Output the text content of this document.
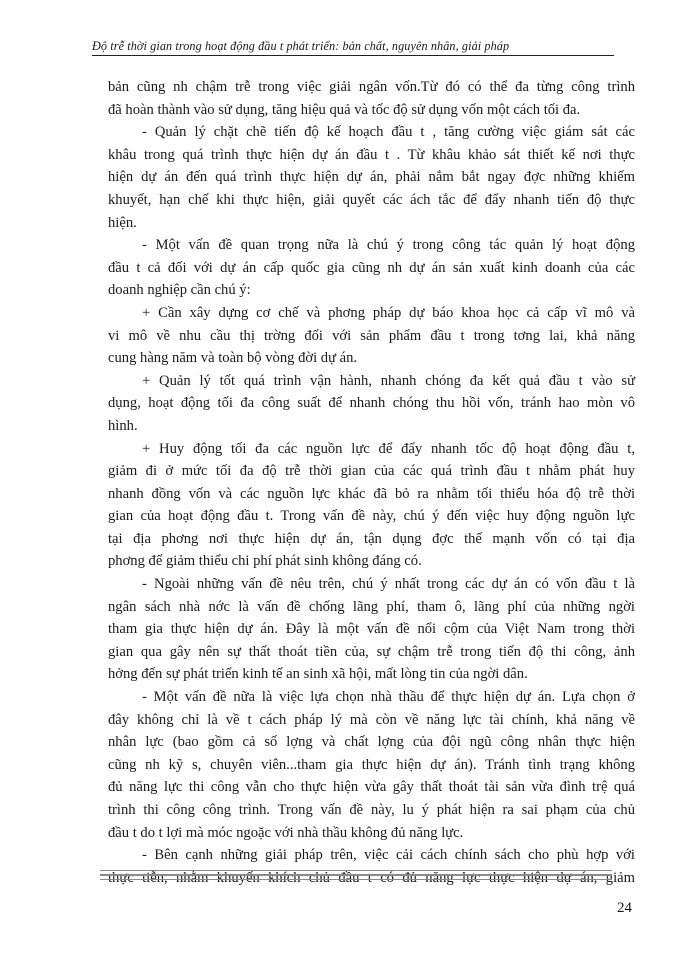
Độ trễ thời gian trong hoạt động đầu t phát triển: bản chất, nguyên nhân, giải pháp
bản cũng nh chậm trễ trong việc giải ngân vốn.Từ đó có thể đa từng công trình
đã hoàn thành vào sử dụng, tăng hiệu quả và tốc độ sử dụng vốn một cách tối đa.
- Quản lý chặt chẽ tiến độ kế hoạch đầu t , tăng cường việc giám sát các
khâu trong quá trình thực hiện dự án đầu t . Từ khâu khảo sát thiết kế nơi thực
hiện dự án đến quá trình thực hiện dự án, phải nắm bắt ngay đợc những khiếm
khuyết, hạn chế khi thực hiện, giải quyết các ách tắc để đẩy nhanh tiến độ thực
hiện.
- Một vấn đề quan trọng nữa là chú ý trong công tác quản lý hoạt động
đầu t cả đối với dự án cấp quốc gia cũng nh dự án sản xuất kinh doanh của các
doanh nghiệp cần chú ý:
+ Cần xây dựng cơ chế và phơng pháp dự báo khoa học cả cấp vĩ mô và
vi mô về nhu cầu thị trờng đối với sản phẩm đầu t trong tơng lai, khả năng
cung hàng năm và toàn bộ vòng đời dự án.
+ Quản lý tốt quá trình vận hành, nhanh chóng đa kết quả đầu t vào sử
dụng, hoạt động tối đa công suất để nhanh chóng thu hồi vốn, tránh hao mòn vô
hình.
+ Huy động tối đa các nguồn lực để đẩy nhanh tốc độ hoạt động đầu t,
giảm đi ở mức tối đa độ trễ thời gian của các quá trình đầu t nhằm phát huy
nhanh đồng vốn và các nguồn lực khác đã bỏ ra nhằm tối thiểu hóa độ trễ thời
gian của hoạt động đầu t. Trong vấn đề này, chú ý đến việc huy động nguồn lực
tại địa phơng nơi thực hiện dự án, tận dụng đợc thế mạnh vốn có tại địa
phơng để giảm thiểu chi phí phát sinh không đáng có.
- Ngoài những vấn đề nêu trên, chú ý nhất trong các dự án có vốn đầu t là
ngân sách nhà nớc là vấn đề chống lãng phí, tham ô, lãng phí của những ngời
tham gia thực hiện dự án. Đây là một vấn đề nổi cộm của Việt Nam trong thời
gian qua gây nên sự thất thoát tiền của, sự chậm trễ trong tiến độ thi công, ảnh
hởng đến sự phát triển kinh tế an sinh xã hội, mất lòng tin của ngời dân.
- Một vấn đề nữa là việc lựa chọn nhà thầu để thực hiện dự án. Lựa chọn ở
đây không chỉ là về t cách pháp lý mà còn về năng lực tài chính, khả năng về
nhân lực (bao gồm cả số lợng và chất lợng của đội ngũ công nhân thực hiện
cũng nh kỹ s, chuyên viên...tham gia thực hiện dự án). Tránh tình trạng không
đủ năng lực thi công vẫn cho thực hiện vừa gây thất thoát tài sản vừa đình trệ quá
trình thi công công trình. Trong vấn đề này, lu ý phát hiện ra sai phạm của chủ
đầu t do t lợi mà móc ngoặc với nhà thầu không đủ năng lực.
- Bên cạnh những giải pháp trên, việc cải cách chính sách cho phù hợp với
thực tiễn, nhằm khuyến khích chủ đầu t có đủ năng lực thực hiện dự án, giảm
24
